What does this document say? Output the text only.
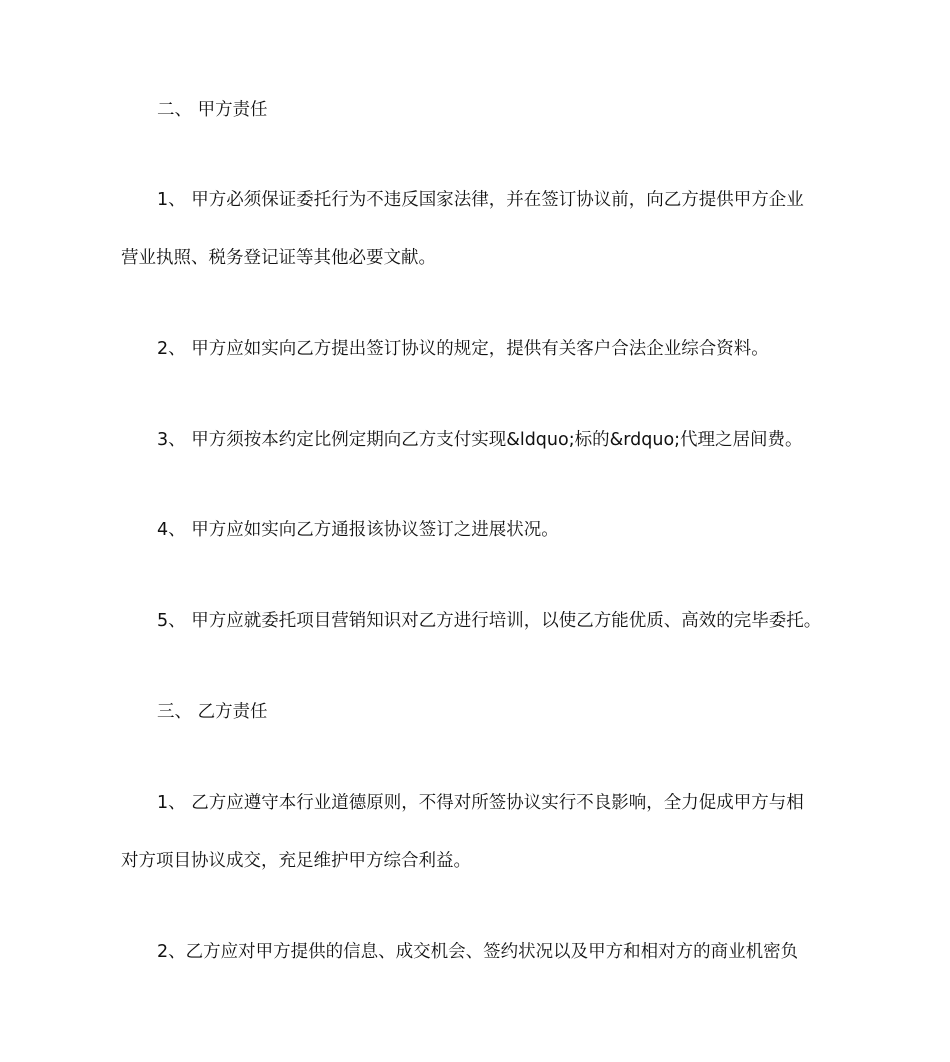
二、 甲方责任

1、 甲方必须保证委托行为不违反国家法律，并在签订协议前，向乙方提供甲方企业

营业执照、税务登记证等其他必要文献。

2、 甲方应如实向乙方提出签订协议的规定，提供有关客户合法企业综合资料。

3、 甲方须按本约定比例定期向乙方支付实现&ldquo;标的&rdquo;代理之居间费。

4、 甲方应如实向乙方通报该协议签订之进展状况。

5、 甲方应就委托项目营销知识对乙方进行培训，以使乙方能优质、高效的完毕委托。

三、 乙方责任

1、 乙方应遵守本行业道德原则，不得对所签协议实行不良影响，全力促成甲方与相

对方项目协议成交，充足维护甲方综合利益。

2、乙方应对甲方提供的信息、成交机会、签约状况以及甲方和相对方的商业机密负
